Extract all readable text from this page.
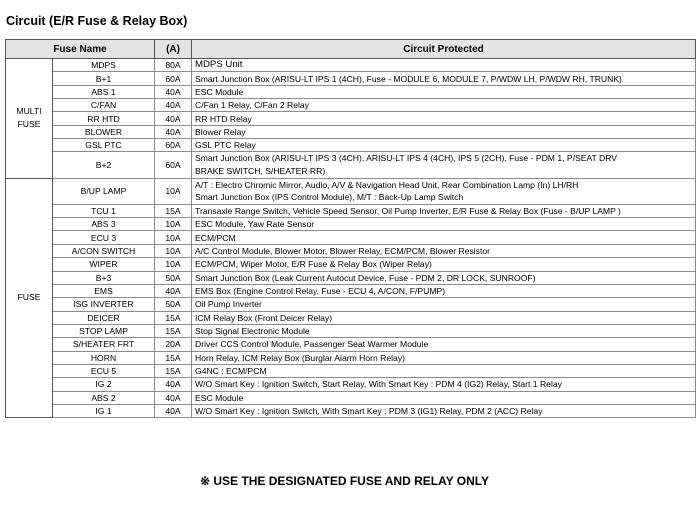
Circuit (E/R Fuse & Relay Box)
Fuse Name		(A)	Circuit Protected
MULTI FUSE	MDPS	80A	MDPS Unit

	B+1	60A	Smart Junction Box (ARISU-LT IPS 1 (4CH), Fuse - MODULE 6, MODULE 7, P/WDW LH, P/WDW RH, TRUNK)

	ABS 1	40A	ESC Module

	C/FAN	40A	C/Fan 1 Relay, C/Fan 2 Relay

	RR HTD	40A	RR HTD Relay

	BLOWER	40A	Blower Relay

	GSL PTC	60A	GSL PTC Relay

	B+2	60A	Smart Junction Box (ARISU-LT IPS 3 (4CH), ARISU-LT IPS 4 (4CH), IPS 5 (2CH), Fuse - PDM 1, P/SEAT DRV
BRAKE SWITCH, S/HEATER RR)

FUSE	B/UP LAMP	10A	A/T : Electro Chromic Mirror, Audio, A/V & Navigation Head Unit, Rear Combination Lamp (In) LH/RH
Smart Junction Box (IPS Control Module), M/T : Back-Up Lamp Switch

	TCU 1	15A	Transaxle Range Switch, Vehicle Speed Sensor, Oil Pump Inverter, E/R Fuse & Relay Box (Fuse - B/UP LAMP )

	ABS 3	10A	ESC Module, Yaw Rate Sensor

	ECU 3	10A	ECM/PCM

	A/CON SWITCH	10A	A/C Control Module, Blower Motor, Blower Relay, ECM/PCM, Blower Resistor

	WIPER	10A	ECM/PCM, Wiper Motor, E/R Fuse & Relay Box (Wiper Relay)

	B+3	50A	Smart Junction Box (Leak Current Autocut Device, Fuse - PDM 2, DR LOCK, SUNROOF)

	EMS	40A	EMS Box (Engine Control Relay, Fuse - ECU 4, A/CON, F/PUMP)

	ISG INVERTER	50A	Oil Pump Inverter

	DEICER	15A	ICM Relay Box (Front Deicer Relay)

	STOP LAMP	15A	Stop Signal Electronic Module

	S/HEATER FRT	20A	Driver CCS Control Module, Passenger Seat Warmer Module

	HORN	15A	Horn Relay, ICM Relay Box (Burglar Alarm Horn Relay)

	ECU 5	15A	G4NC : ECM/PCM

	IG 2	40A	W/O Smart Key : Ignition Switch, Start Relay, With Smart Key : PDM 4 (IG2) Relay, Start 1 Relay

	ABS 2	40A	ESC Module

	IG 1	40A	W/O Smart Key : Ignition Switch, With Smart Key : PDM 3 (IG1) Relay, PDM 2 (ACC) Relay
※ USE THE DESIGNATED FUSE AND RELAY ONLY
